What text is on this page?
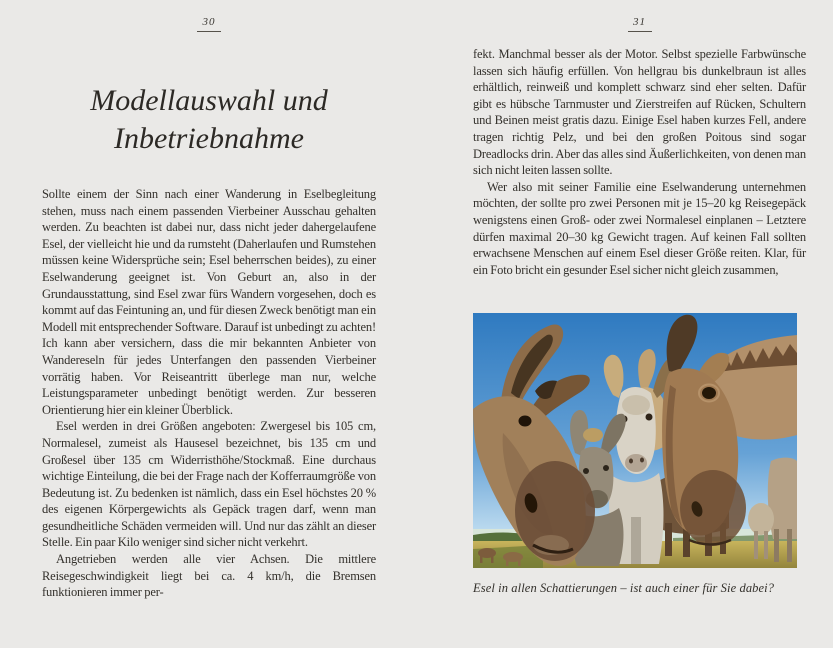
30
Modellauswahl und
Inbetriebnahme

Sollte einem der Sinn nach einer Wanderung in Eselbegleitung stehen, muss nach einem passenden Vierbeiner Ausschau gehalten werden. Zu beachten ist dabei nur, dass nicht jeder dahergelaufene Esel, der vielleicht hie und da rumsteht (Daherlaufen und Rumstehen müssen keine Widersprüche sein; Esel beherrschen beides), zu einer Eselwanderung geeignet ist. Von Geburt an, also in der Grundausstattung, sind Esel zwar fürs Wandern vorgesehen, doch es kommt auf das Feintuning an, und für diesen Zweck benötigt man ein Modell mit entsprechender Software. Darauf ist unbedingt zu achten! Ich kann aber versichern, dass die mir bekannten Anbieter von Wandereseln für jedes Unterfangen den passenden Vierbeiner vorrätig haben. Vor Reiseantritt überlege man nur, welche Leistungsparameter unbedingt benötigt werden. Zur besseren Orientierung hier ein kleiner Überblick.

Esel werden in drei Größen angeboten: Zwergesel bis 105 cm, Normalesel, zumeist als Hausesel bezeichnet, bis 135 cm und Großesel über 135 cm Widerristhöhe/Stockmaß. Eine durchaus wichtige Einteilung, die bei der Frage nach der Kofferraumgröße von Bedeutung ist. Zu bedenken ist nämlich, dass ein Esel höchstes 20 % des eigenen Körpergewichts als Gepäck tragen darf, wenn man gesundheitliche Schäden vermeiden will. Und nur das zählt an dieser Stelle. Ein paar Kilo weniger sind sicher nicht verkehrt.

Angetrieben werden alle vier Achsen. Die mittlere Reisegeschwindigkeit liegt bei ca. 4 km/h, die Bremsen funktionieren immer per-

31

fekt. Manchmal besser als der Motor. Selbst spezielle Farbwünsche lassen sich häufig erfüllen. Von hellgrau bis dunkelbraun ist alles erhältlich, reinweiß und komplett schwarz sind eher selten. Dafür gibt es hübsche Tarnmuster und Zierstreifen auf Rücken, Schultern und Beinen meist gratis dazu. Einige Esel haben kurzes Fell, andere tragen richtig Pelz, und bei den großen Poitous sind sogar Dreadlocks drin. Aber das alles sind Äußerlichkeiten, von denen man sich nicht leiten lassen sollte.

Wer also mit seiner Familie eine Eselwanderung unternehmen möchten, der sollte pro zwei Personen mit je 15–20 kg Reisegepäck wenigstens einen Groß- oder zwei Normalesel einplanen – Letztere dürfen maximal 20–30 kg Gewicht tragen. Auf keinen Fall sollten erwachsene Menschen auf einem Esel dieser Größe reiten. Klar, für ein Foto bricht ein gesunder Esel sicher nicht gleich zusammen,

Esel in allen Schattierungen – ist auch einer für Sie dabei?
